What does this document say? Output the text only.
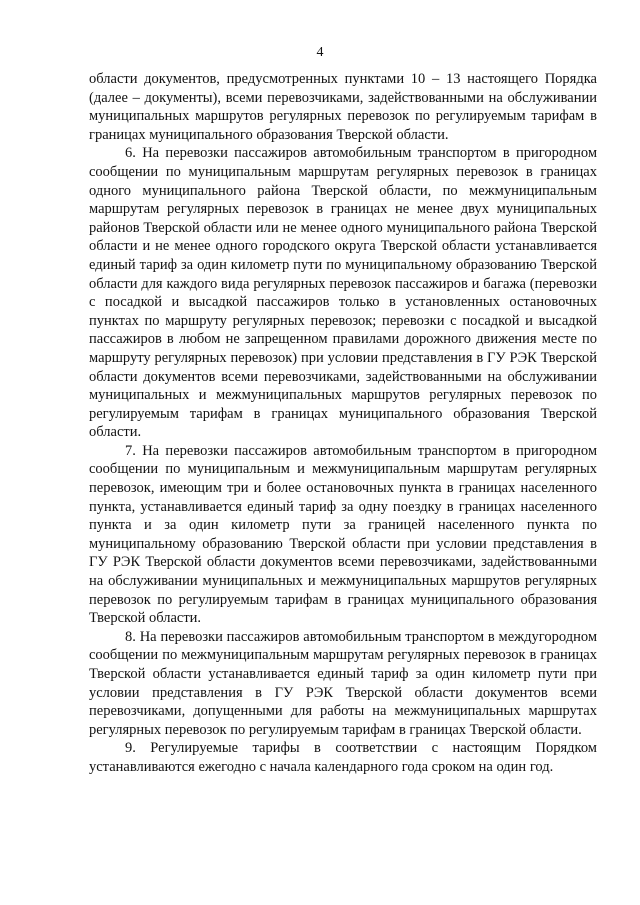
4

области документов, предусмотренных пунктами 10 – 13 настоящего Порядка (далее – документы), всеми перевозчиками, задействованными на обслуживании муниципальных маршрутов регулярных перевозок по регулируемым тарифам в границах муниципального образования Тверской области.

6. На перевозки пассажиров автомобильным транспортом в пригородном сообщении по муниципальным маршрутам регулярных перевозок в границах одного муниципального района Тверской области, по межмуниципальным маршрутам регулярных перевозок в границах не менее двух муниципальных районов Тверской области или не менее одного муниципального района Тверской области и не менее одного городского округа Тверской области устанавливается единый тариф за один километр пути по муниципальному образованию Тверской области для каждого вида регулярных перевозок пассажиров и багажа (перевозки с посадкой и высадкой пассажиров только в установленных остановочных пунктах по маршруту регулярных перевозок; перевозки с посадкой и высадкой пассажиров в любом не запрещенном правилами дорожного движения месте по маршруту регулярных перевозок) при условии представления в ГУ РЭК Тверской области документов всеми перевозчиками, задействованными на обслуживании муниципальных и межмуниципальных маршрутов регулярных перевозок по регулируемым тарифам в границах муниципального образования Тверской области.

7. На перевозки пассажиров автомобильным транспортом в пригородном сообщении по муниципальным и межмуниципальным маршрутам регулярных перевозок, имеющим три и более остановочных пункта в границах населенного пункта, устанавливается единый тариф за одну поездку в границах населенного пункта и за один километр пути за границей населенного пункта по муниципальному образованию Тверской области при условии представления в ГУ РЭК Тверской области документов всеми перевозчиками, задействованными на обслуживании муниципальных и межмуниципальных маршрутов регулярных перевозок по регулируемым тарифам в границах муниципального образования Тверской области.

8. На перевозки пассажиров автомобильным транспортом в междугородном сообщении по межмуниципальным маршрутам регулярных перевозок в границах Тверской области устанавливается единый тариф за один километр пути при условии представления в ГУ РЭК Тверской области документов всеми перевозчиками, допущенными для работы на межмуниципальных маршрутах регулярных перевозок по регулируемым тарифам в границах Тверской области.

9. Регулируемые тарифы в соответствии с настоящим Порядком устанавливаются ежегодно с начала календарного года сроком на один год.
